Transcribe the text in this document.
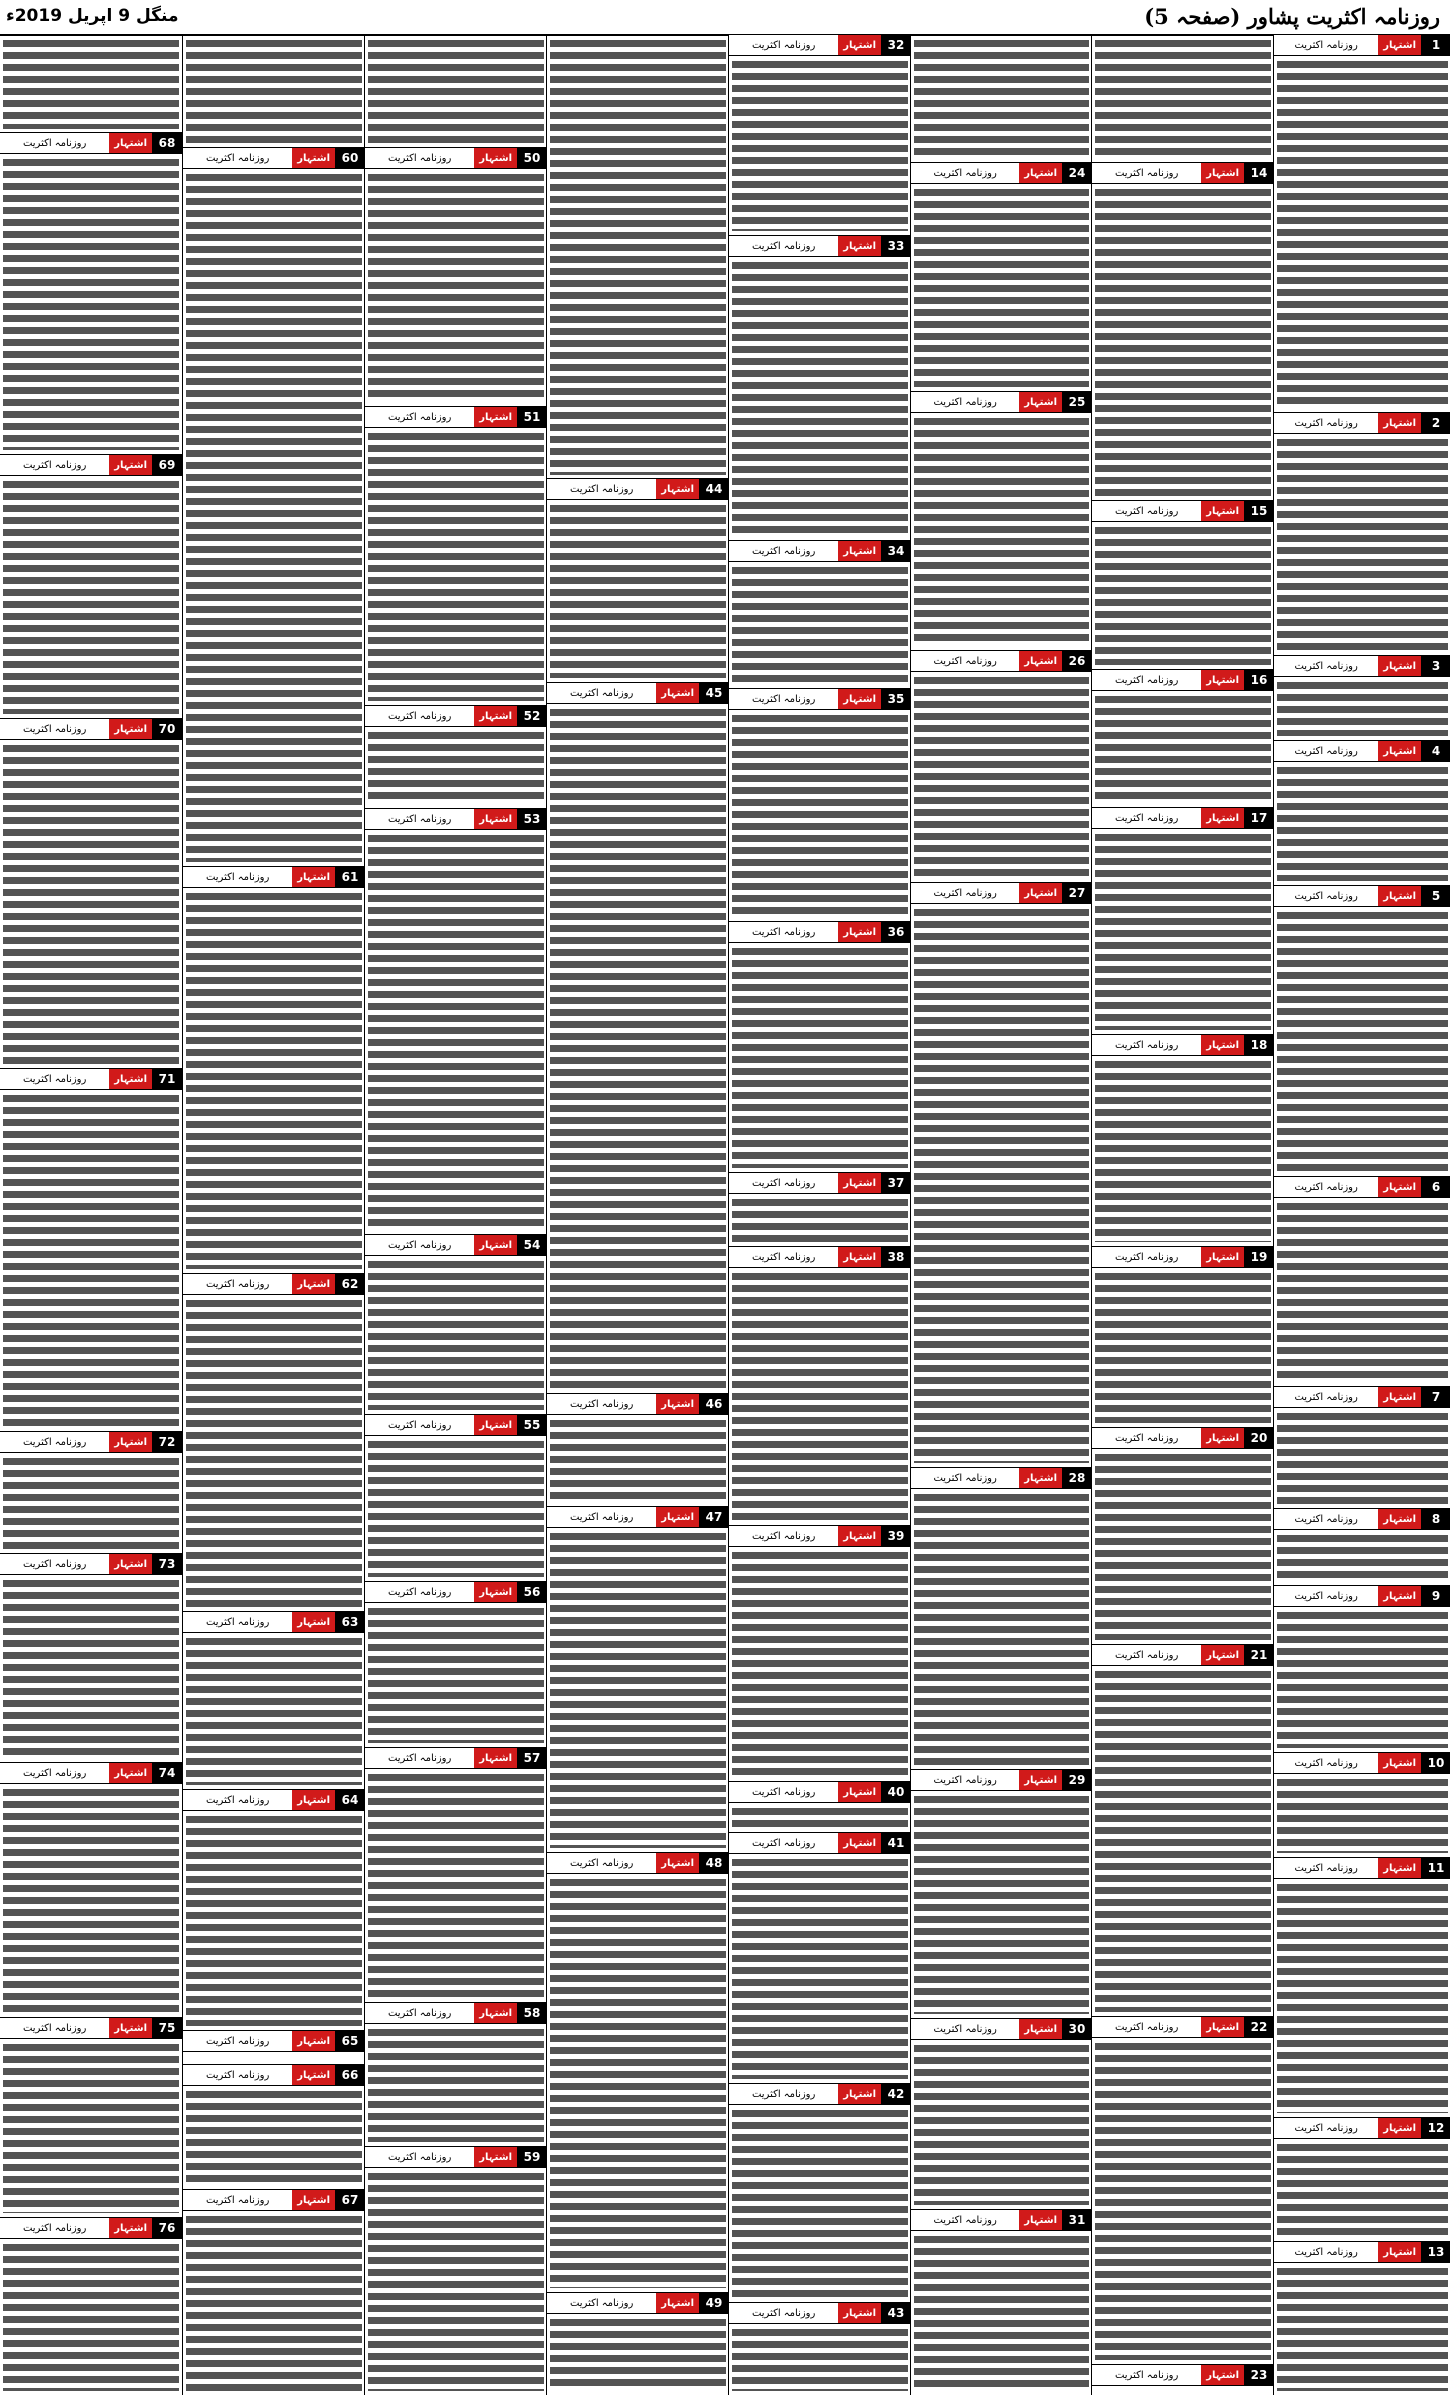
روزنامہ اکثریت پشاور (صفحہ 5)
منگل 9 اپریل 2019ء
1
اشتہار
روزنامہ اکثریت
2
اشتہار
روزنامہ اکثریت
3
اشتہار
روزنامہ اکثریت
4
اشتہار
روزنامہ اکثریت
5
اشتہار
روزنامہ اکثریت
6
اشتہار
روزنامہ اکثریت
7
اشتہار
روزنامہ اکثریت
8
اشتہار
روزنامہ اکثریت
9
اشتہار
روزنامہ اکثریت
10
اشتہار
روزنامہ اکثریت
11
اشتہار
روزنامہ اکثریت
12
اشتہار
روزنامہ اکثریت
13
اشتہار
روزنامہ اکثریت
14
اشتہار
روزنامہ اکثریت
15
اشتہار
روزنامہ اکثریت
16
اشتہار
روزنامہ اکثریت
17
اشتہار
روزنامہ اکثریت
18
اشتہار
روزنامہ اکثریت
19
اشتہار
روزنامہ اکثریت
20
اشتہار
روزنامہ اکثریت
21
اشتہار
روزنامہ اکثریت
22
اشتہار
روزنامہ اکثریت
23
اشتہار
روزنامہ اکثریت
24
اشتہار
روزنامہ اکثریت
25
اشتہار
روزنامہ اکثریت
26
اشتہار
روزنامہ اکثریت
27
اشتہار
روزنامہ اکثریت
28
اشتہار
روزنامہ اکثریت
29
اشتہار
روزنامہ اکثریت
30
اشتہار
روزنامہ اکثریت
31
اشتہار
روزنامہ اکثریت
32
اشتہار
روزنامہ اکثریت
33
اشتہار
روزنامہ اکثریت
34
اشتہار
روزنامہ اکثریت
35
اشتہار
روزنامہ اکثریت
36
اشتہار
روزنامہ اکثریت
37
اشتہار
روزنامہ اکثریت
38
اشتہار
روزنامہ اکثریت
39
اشتہار
روزنامہ اکثریت
40
اشتہار
روزنامہ اکثریت
41
اشتہار
روزنامہ اکثریت
42
اشتہار
روزنامہ اکثریت
43
اشتہار
روزنامہ اکثریت
44
اشتہار
روزنامہ اکثریت
45
اشتہار
روزنامہ اکثریت
46
اشتہار
روزنامہ اکثریت
47
اشتہار
روزنامہ اکثریت
48
اشتہار
روزنامہ اکثریت
49
اشتہار
روزنامہ اکثریت
50
اشتہار
روزنامہ اکثریت
51
اشتہار
روزنامہ اکثریت
52
اشتہار
روزنامہ اکثریت
53
اشتہار
روزنامہ اکثریت
54
اشتہار
روزنامہ اکثریت
55
اشتہار
روزنامہ اکثریت
56
اشتہار
روزنامہ اکثریت
57
اشتہار
روزنامہ اکثریت
58
اشتہار
روزنامہ اکثریت
59
اشتہار
روزنامہ اکثریت
60
اشتہار
روزنامہ اکثریت
61
اشتہار
روزنامہ اکثریت
62
اشتہار
روزنامہ اکثریت
63
اشتہار
روزنامہ اکثریت
64
اشتہار
روزنامہ اکثریت
65
اشتہار
روزنامہ اکثریت
66
اشتہار
روزنامہ اکثریت
67
اشتہار
روزنامہ اکثریت
68
اشتہار
روزنامہ اکثریت
69
اشتہار
روزنامہ اکثریت
70
اشتہار
روزنامہ اکثریت
71
اشتہار
روزنامہ اکثریت
72
اشتہار
روزنامہ اکثریت
73
اشتہار
روزنامہ اکثریت
74
اشتہار
روزنامہ اکثریت
75
اشتہار
روزنامہ اکثریت
76
اشتہار
روزنامہ اکثریت
